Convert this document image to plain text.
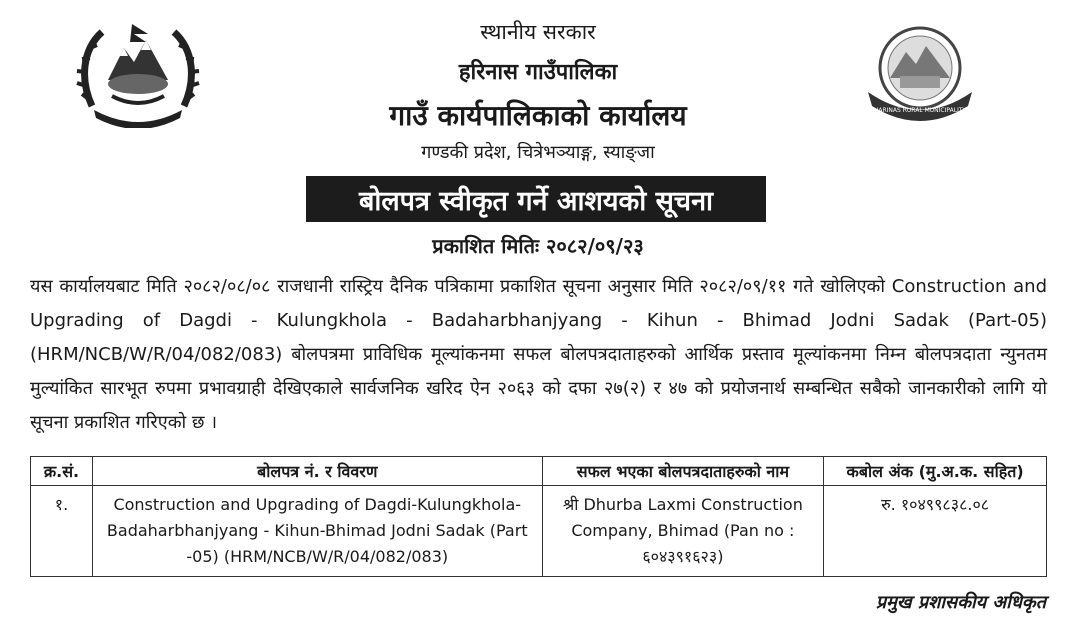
HARINAS RURAL MUNICIPALITY
स्थानीय सरकार
हरिनास गाउँपालिका
गाउँ कार्यपालिकाको कार्यालय
गण्डकी प्रदेश, चित्रेभञ्याङ्ग, स्याङ्जा
बोलपत्र स्वीकृत गर्ने आशयको सूचना
प्रकाशित मितिः २०८२/०९/२३
यस कार्यालयबाट मिति २०८२/०८/०८ राजधानी रास्ट्रिय दैनिक पत्रिकामा प्रकाशित सूचना अनुसार मिति २०८२/०९/११ गते खोलिएको Construction and Upgrading of Dagdi - Kulungkhola - Badaharbhanjyang - Kihun - Bhimad Jodni Sadak (Part-05) (HRM/NCB/W/R/04/082/083) बोलपत्रमा प्राविधिक मूल्यांकनमा सफल बोलपत्रदाताहरुको आर्थिक प्रस्ताव मूल्यांकनमा निम्न बोलपत्रदाता न्युनतम मुल्यांकित सारभूत रुपमा प्रभावग्राही देखिएकाले सार्वजनिक खरिद ऐन २०६३ को दफा २७(२) र ४७ को प्रयोजनार्थ सम्बन्धित सबैको जानकारीको लागि यो सूचना प्रकाशित गरिएको छ ।
क्र.सं.	बोलपत्र नं. र विवरण	सफल भएका बोलपत्रदाताहरुको नाम	कबोल अंक (मु.अ.क. सहित)
१.	Construction and Upgrading of Dagdi-Kulungkhola-Badaharbhanjyang - Kihun-Bhimad Jodni Sadak (Part -05) (HRM/NCB/W/R/04/082/083)	श्री Dhurba Laxmi Construction Company, Bhimad (Pan no : ६०४३९१६२३)	रु. १०४९९८३८.०८
प्रमुख प्रशासकीय अधिकृत
